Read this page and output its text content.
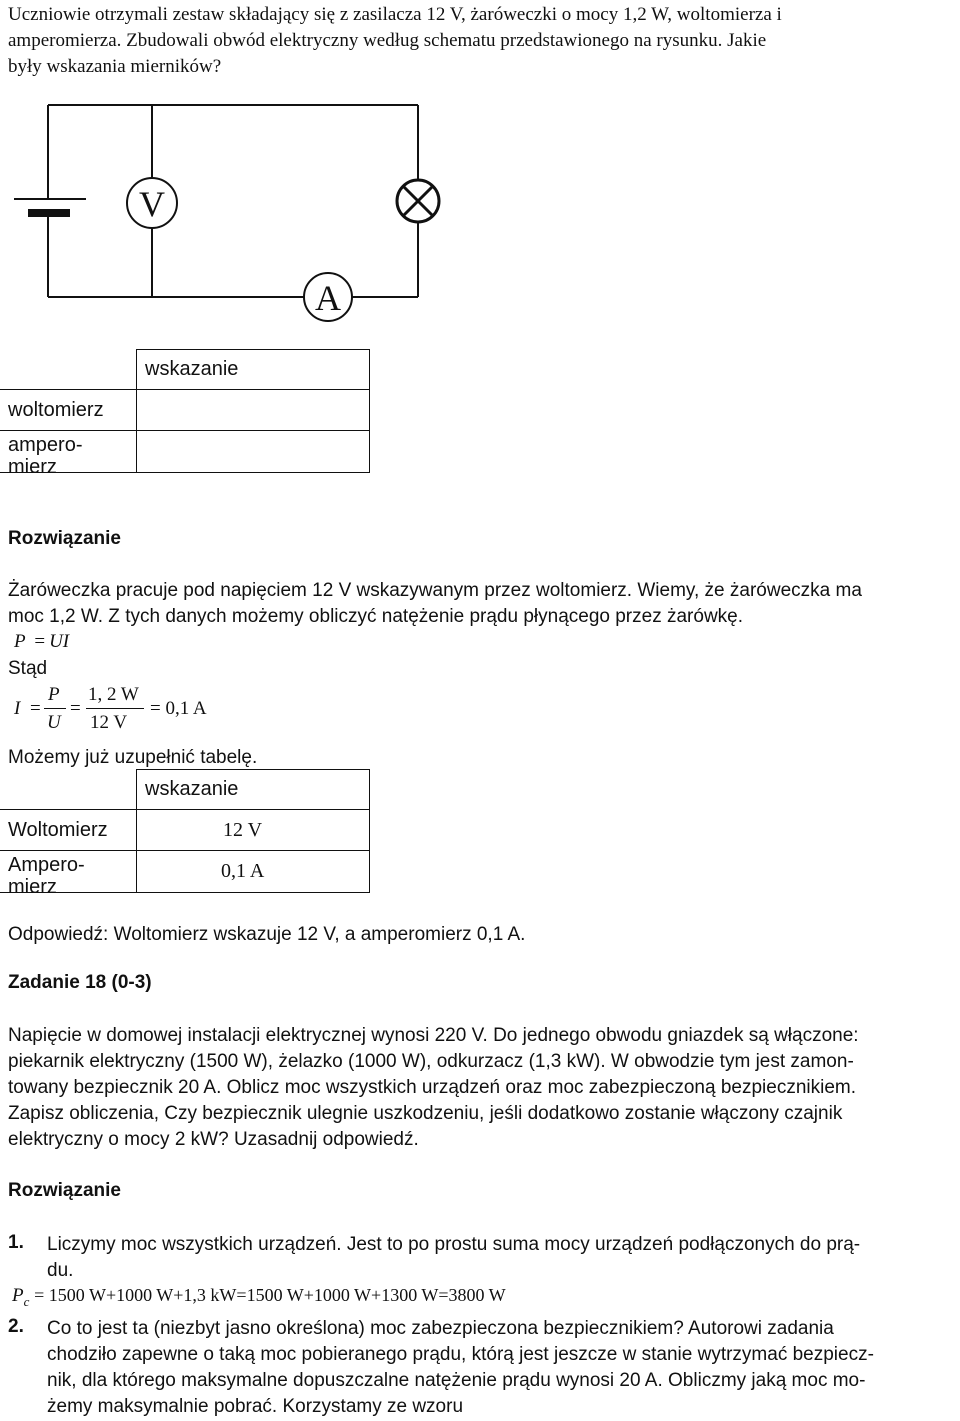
Uczniowie otrzymali zestaw składający się z zasilacza 12 V, żaróweczki o mocy 1,2 W, woltomierza i
amperomierza. Zbudowali obwód elektryczny według schematu przedstawionego na rysunku. Jakie
były wskazania mierników?
V
A
	wskazanie
woltomierz	

ampero-
mierz	

Rozwiązanie
Żaróweczka pracuje pod napięciem 12 V wskazywanym przez woltomierz. Wiemy, że żaróweczka ma
moc 1,2 W. Z tych danych możemy obliczyć natężenie prądu płynącego przez żarówkę.
P = UI
Stąd
I =
P
U
=
1, 2 W
12 V
= 0,1 A
Możemy już uzupełnić tabelę.
	wskazanie
Woltomierz	12 V

Ampero-
mierz	0,1 A
Odpowiedź: Woltomierz wskazuje 12 V, a amperomierz 0,1 A.
Zadanie 18 (0-3)
Napięcie w domowej instalacji elektrycznej wynosi 220 V. Do jednego obwodu gniazdek są włączone:
piekarnik elektryczny (1500 W), żelazko (1000 W), odkurzacz (1,3 kW). W obwodzie tym jest zamon-
towany bezpiecznik 20 A. Oblicz moc wszystkich urządzeń oraz moc zabezpieczoną bezpiecznikiem.
Zapisz obliczenia, Czy bezpiecznik ulegnie uszkodzeniu, jeśli dodatkowo zostanie włączony czajnik
elektryczny o mocy 2 kW? Uzasadnij odpowiedź.
Rozwiązanie
1. Liczymy moc wszystkich urządzeń. Jest to po prostu suma mocy urządzeń podłączonych do prą-
du.
$P_c = 1500$ W+1000 W+1,3 kW=1500 W+1000 W+1300 W=3800 W
2. Co to jest ta (niezbyt jasno określona) moc zabezpieczona bezpiecznikiem? Autorowi zadania
chodziło zapewne o taką moc pobieranego prądu, którą jest jeszcze w stanie wytrzymać bezpiecz-
nik, dla którego maksymalne dopuszczalne natężenie prądu wynosi 20 A. Obliczmy jaką moc mo-
żemy maksymalnie pobrać. Korzystamy ze wzoru
